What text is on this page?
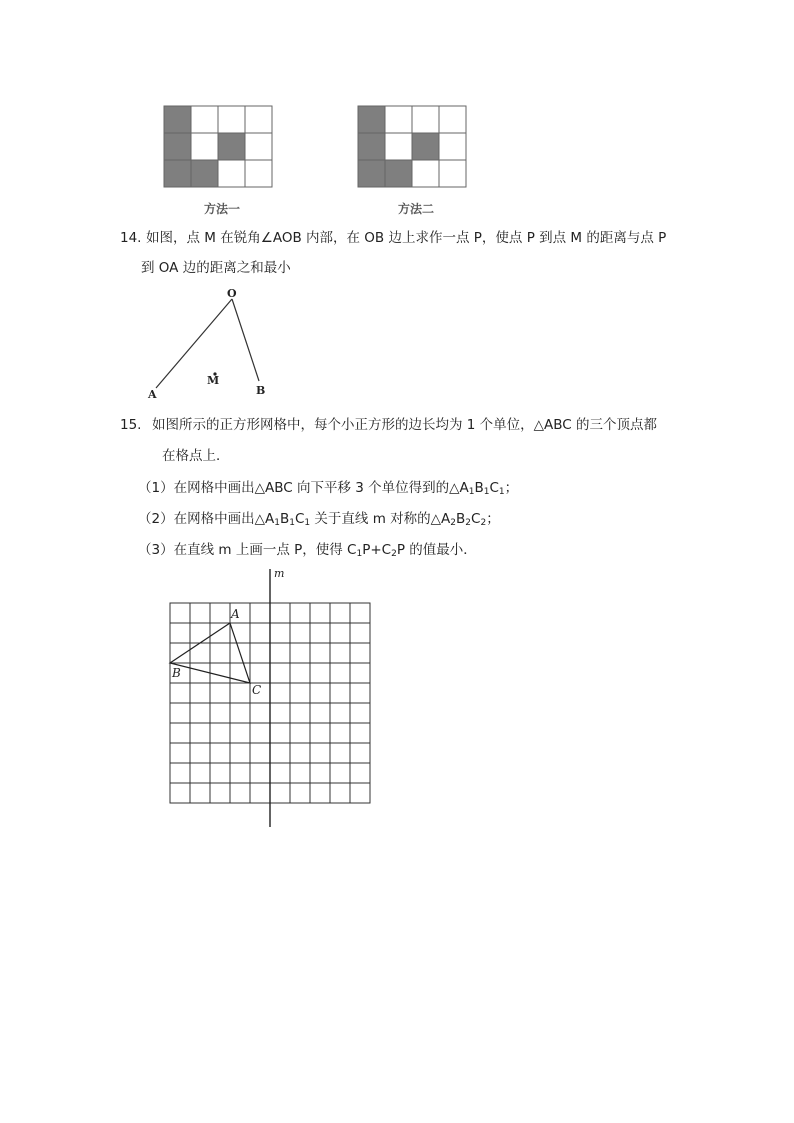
方法一	方法二
14. 如图，点 M 在锐角∠AOB 内部，在 OB 边上求作一点 P，使点 P 到点 M 的距离与点 P
到 OA 边的距离之和最小
O
A	B
M
15. 如图所示的正方形网格中，每个小正方形的边长均为 1 个单位，△ABC 的三个顶点都
在格点上．
（1）在网格中画出△ABC 向下平移 3 个单位得到的$\triangle A_1B_1C_1$；
（2）在网格中画出$\triangle A_1B_1C_1$ 关于直线 m 对称的$\triangle A_2B_2C_2$；
（3）在直线 m 上画一点 P，使得 $C_1P+C_2P$ 的值最小．
m
A
B
C
